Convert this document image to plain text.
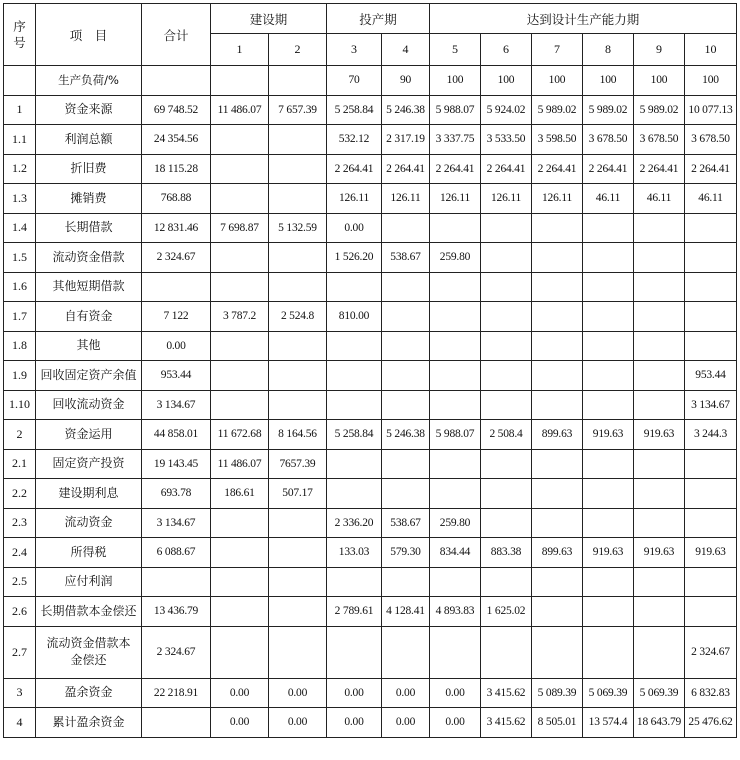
序号	项　目	合计	建设期		投产期		达到设计生产能力期					
			1	2	3	4	5	6	7	8	9	10
	生产负荷/%				70	90	100	100	100	100	100	100
1	资金来源	69 748.52	11 486.07	7 657.39	5 258.84	5 246.38	5 988.07	5 924.02	5 989.02	5 989.02	5 989.02	10 077.13
1.1	利润总额	24 354.56			532.12	2 317.19	3 337.75	3 533.50	3 598.50	3 678.50	3 678.50	3 678.50
1.2	折旧费	18 115.28			2 264.41	2 264.41	2 264.41	2 264.41	2 264.41	2 264.41	2 264.41	2 264.41
1.3	摊销费	768.88			126.11	126.11	126.11	126.11	126.11	46.11	46.11	46.11
1.4	长期借款	12 831.46	7 698.87	5 132.59	0.00							
1.5	流动资金借款	2 324.67			1 526.20	538.67	259.80					
1.6	其他短期借款											
1.7	自有资金	7 122	3 787.2	2 524.8	810.00							
1.8	其他	0.00										
1.9	回收固定资产余值	953.44										953.44
1.10	回收流动资金	3 134.67										3 134.67
2	资金运用	44 858.01	11 672.68	8 164.56	5 258.84	5 246.38	5 988.07	2 508.4	899.63	919.63	919.63	3 244.3
2.1	固定资产投资	19 143.45	11 486.07	7657.39								
2.2	建设期利息	693.78	186.61	507.17								
2.3	流动资金	3 134.67			2 336.20	538.67	259.80					
2.4	所得税	6 088.67			133.03	579.30	834.44	883.38	899.63	919.63	919.63	919.63
2.5	应付利润											
2.6	长期借款本金偿还	13 436.79			2 789.61	4 128.41	4 893.83	1 625.02				
2.7	流动资金借款本金偿还	2 324.67										2 324.67
3	盈余资金	22 218.91	0.00	0.00	0.00	0.00	0.00	3 415.62	5 089.39	5 069.39	5 069.39	6 832.83
4	累计盈余资金		0.00	0.00	0.00	0.00	0.00	3 415.62	8 505.01	13 574.4	18 643.79	25 476.62
